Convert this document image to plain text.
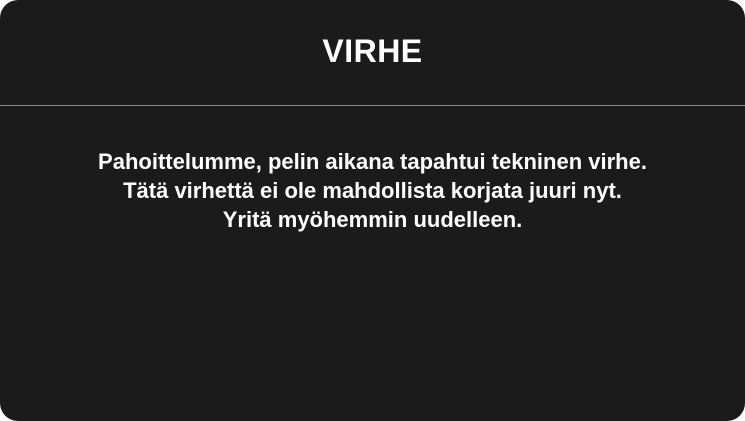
VIRHE
Pahoittelumme, pelin aikana tapahtui tekninen virhe.
Tätä virhettä ei ole mahdollista korjata juuri nyt.
Yritä myöhemmin uudelleen.
